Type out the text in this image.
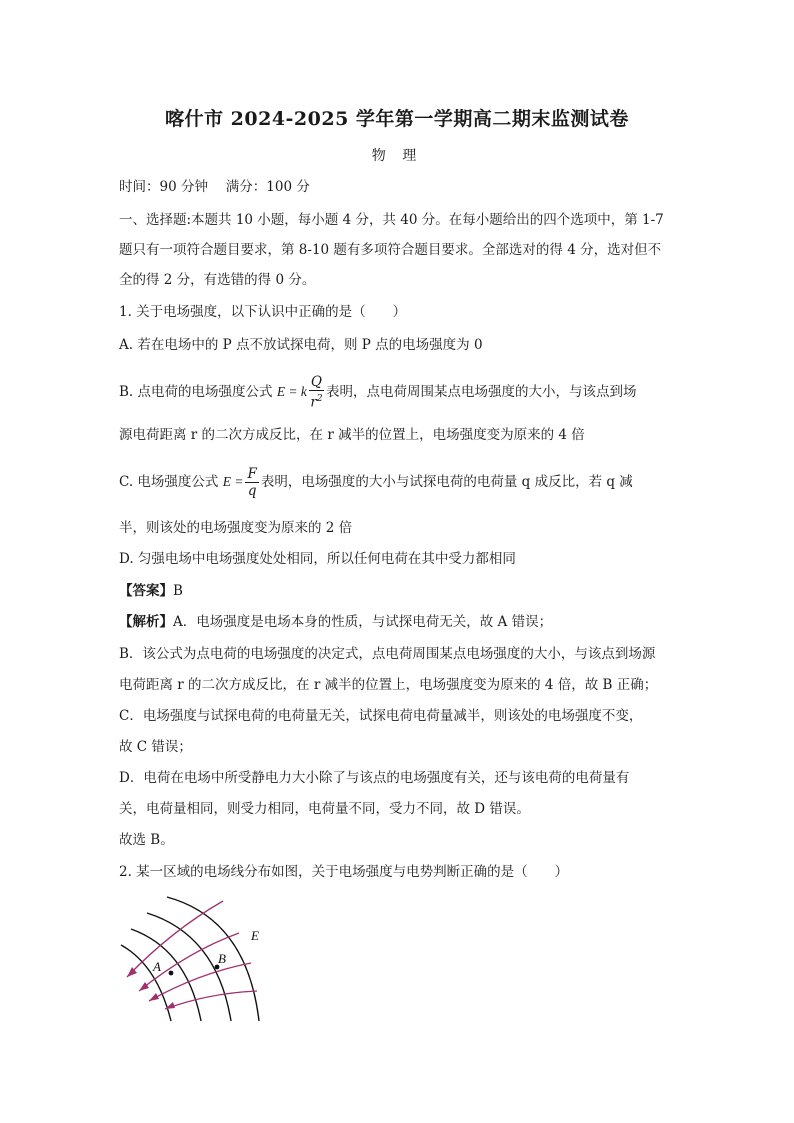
喀什市 2024-2025 学年第一学期高二期末监测试卷
物 理
时间：90 分钟　 满分：100 分
一、选择题:本题共 10 小题，每小题 4 分，共 40 分。在每小题给出的四个选项中，第 1-7
题只有一项符合题目要求，第 8-10 题有多项符合题目要求。全部选对的得 4 分，选对但不
全的得 2 分，有选错的得 0 分。
1. 关于电场强度，以下认识中正确的是（　　）
A. 若在电场中的 P 点不放试探电荷，则 P 点的电场强度为 0
B. 点电荷的电场强度公式 E = k $\frac{Q}{r^2}$ 表明，点电荷周围某点电场强度的大小，与该点到场
源电荷距离 r 的二次方成反比，在 r 减半的位置上，电场强度变为原来的 4 倍
C. 电场强度公式 $E = \frac{F}{q}$ 表明，电场强度的大小与试探电荷的电荷量 q 成反比，若 q 减
半，则该处的电场强度变为原来的 2 倍
D. 匀强电场中电场强度处处相同，所以任何电荷在其中受力都相同
【答案】B
【解析】A．电场强度是电场本身的性质，与试探电荷无关，故 A 错误；
B．该公式为点电荷的电场强度的决定式，点电荷周围某点电场强度的大小，与该点到场源
电荷距离 r 的二次方成反比，在 r 减半的位置上，电场强度变为原来的 4 倍，故 B 正确；
C．电场强度与试探电荷的电荷量无关，试探电荷电荷量减半，则该处的电场强度不变，
故 C 错误；
D．电荷在电场中所受静电力大小除了与该点的电场强度有关，还与该电荷的电荷量有
关，电荷量相同，则受力相同，电荷量不同，受力不同，故 D 错误。
故选 B。
2. 某一区域的电场线分布如图，关于电场强度与电势判断正确的是（　　）
A
B
E
